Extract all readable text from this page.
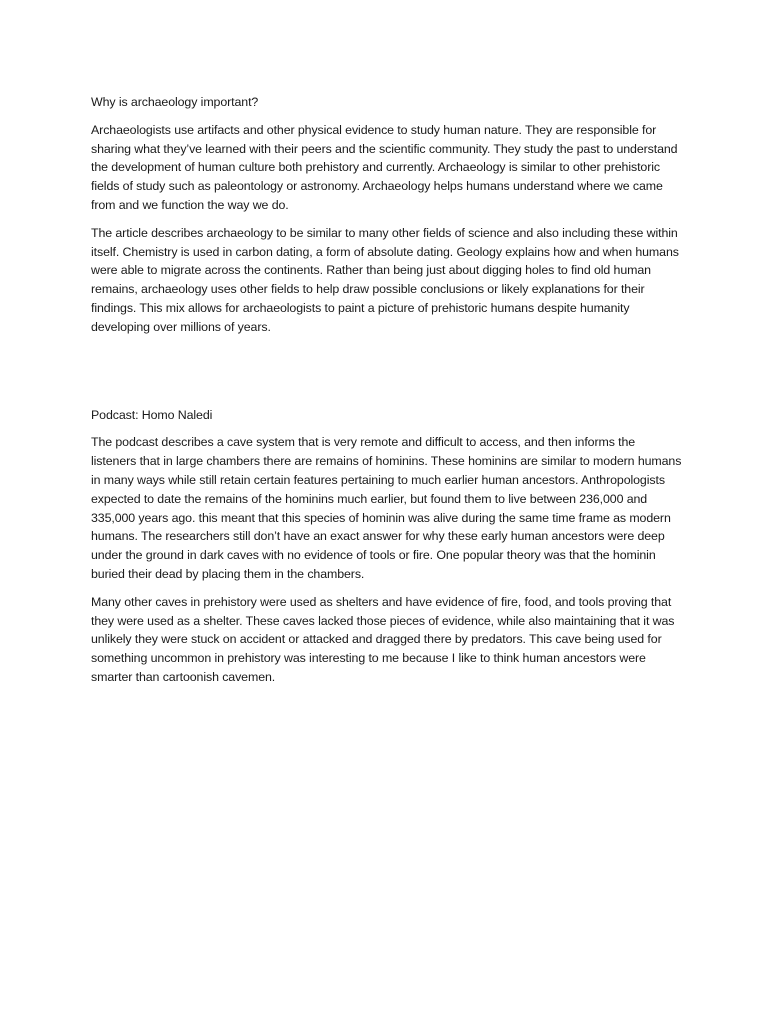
Why is archaeology important?

Archaeologists use artifacts and other physical evidence to study human nature. They are responsible for sharing what they’ve learned with their peers and the scientific community. They study the past to understand the development of human culture both prehistory and currently. Archaeology is similar to other prehistoric fields of study such as paleontology or astronomy. Archaeology helps humans understand where we came from and we function the way we do.

The article describes archaeology to be similar to many other fields of science and also including these within itself. Chemistry is used in carbon dating, a form of absolute dating. Geology explains how and when humans were able to migrate across the continents. Rather than being just about digging holes to find old human remains, archaeology uses other fields to help draw possible conclusions or likely explanations for their findings. This mix allows for archaeologists to paint a picture of prehistoric humans despite humanity developing over millions of years.

Podcast: Homo Naledi

The podcast describes a cave system that is very remote and difficult to access, and then informs the listeners that in large chambers there are remains of hominins. These hominins are similar to modern humans in many ways while still retain certain features pertaining to much earlier human ancestors. Anthropologists expected to date the remains of the hominins much earlier, but found them to live between 236,000 and 335,000 years ago. this meant that this species of hominin was alive during the same time frame as modern humans. The researchers still don’t have an exact answer for why these early human ancestors were deep under the ground in dark caves with no evidence of tools or fire. One popular theory was that the hominin buried their dead by placing them in the chambers.

Many other caves in prehistory were used as shelters and have evidence of fire, food, and tools proving that they were used as a shelter. These caves lacked those pieces of evidence, while also maintaining that it was unlikely they were stuck on accident or attacked and dragged there by predators. This cave being used for something uncommon in prehistory was interesting to me because I like to think human ancestors were smarter than cartoonish cavemen.
